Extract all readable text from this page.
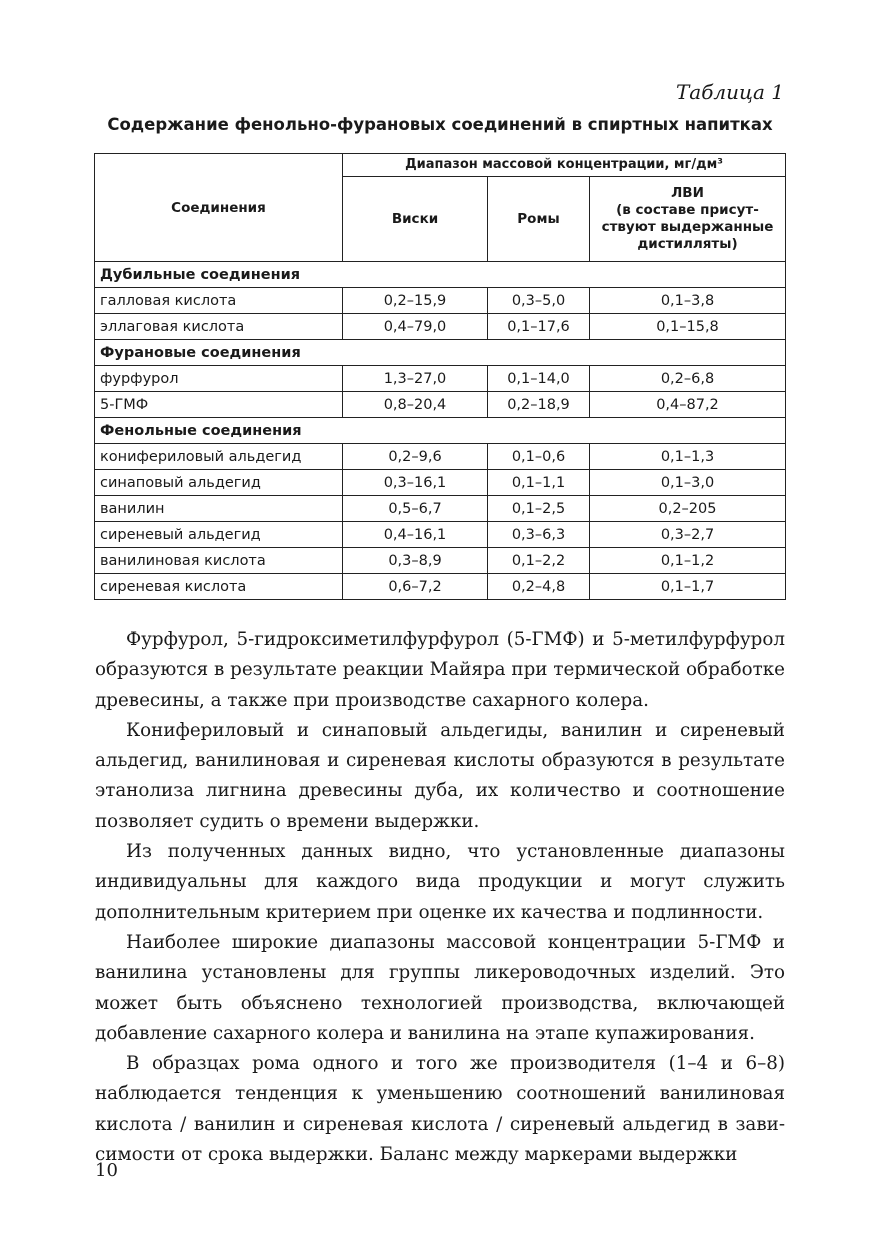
Таблица 1
Содержание фенольно-фурановых соединений в спиртных напитках
Соединения	Диапазон массовой концентрации, мг/дм³		
	Виски	Ромы	ЛВИ
(в составе присут-
ствуют выдержанные
дистилляты)
Дубильные соединения			
галловая кислота	0,2–15,9	0,3–5,0	0,1–3,8
эллаговая кислота	0,4–79,0	0,1–17,6	0,1–15,8
Фурановые соединения			
фурфурол	1,3–27,0	0,1–14,0	0,2–6,8
5-ГМФ	0,8–20,4	0,2–18,9	0,4–87,2
Фенольные соединения			
конифериловый альдегид	0,2–9,6	0,1–0,6	0,1–1,3
синаповый альдегид	0,3–16,1	0,1–1,1	0,1–3,0
ванилин	0,5–6,7	0,1–2,5	0,2–205
сиреневый альдегид	0,4–16,1	0,3–6,3	0,3–2,7
ванилиновая кислота	0,3–8,9	0,1–2,2	0,1–1,2
сиреневая кислота	0,6–7,2	0,2–4,8	0,1–1,7

Фурфурол, 5-гидроксиметилфурфурол (5-ГМФ) и 5-метилфурфурол образуются в результате реакции Майяра при термической обработке древесины, а также при производстве сахарного колера.

Конифериловый и синаповый альдегиды, ванилин и сиреневый альдегид, ванилиновая и сиреневая кислоты образуются в результате этанолиза лигнина древесины дуба, их количество и соотношение позволяет судить о времени выдержки.

Из полученных данных видно, что установленные диапазоны индивидуальны для каждого вида продукции и могут служить дополнительным критерием при оценке их качества и подлинности.

Наиболее широкие диапазоны массовой концентрации 5-ГМФ и ванилина установлены для группы ликероводочных изделий. Это может быть объяснено технологией производства, включающей добавление сахарного колера и ванилина на этапе купажирования.

В образцах рома одного и того же производителя (1–4 и 6–8) наблюдается тенденция к уменьшению соотношений ванилиновая кислота / ванилин и сиреневая кислота / сиреневый альдегид в зависимости от срока выдержки. Баланс между маркерами выдержки

10
